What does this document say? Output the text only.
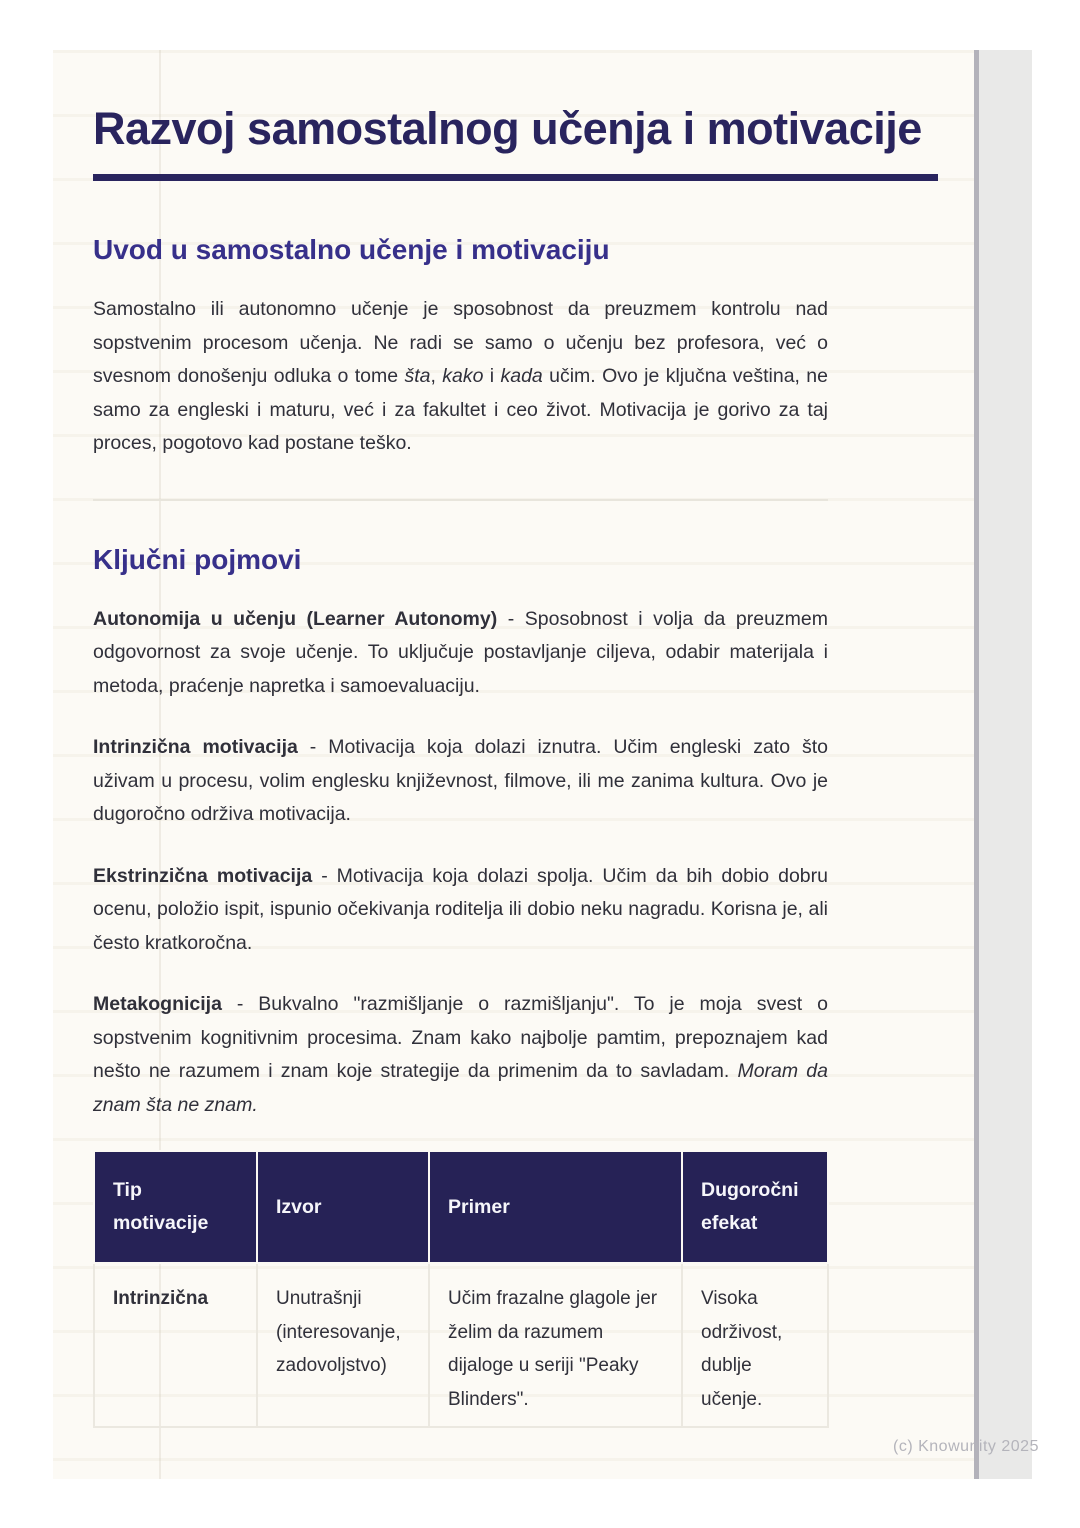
Razvoj samostalnog učenja i motivacije
Uvod u samostalno učenje i motivaciju

Samostalno ili autonomno učenje je sposobnost da preuzmem kontrolu nad sopstvenim procesom učenja. Ne radi se samo o učenju bez profesora, već o svesnom donošenju odluka o tome šta, kako i kada učim. Ovo je ključna veština, ne samo za engleski i maturu, već i za fakultet i ceo život. Motivacija je gorivo za taj proces, pogotovo kad postane teško.

Ključni pojmovi

Autonomija u učenju (Learner Autonomy) - Sposobnost i volja da preuzmem odgovornost za svoje učenje. To uključuje postavljanje ciljeva, odabir materijala i metoda, praćenje napretka i samoevaluaciju.

Intrinzična motivacija - Motivacija koja dolazi iznutra. Učim engleski zato što uživam u procesu, volim englesku književnost, filmove, ili me zanima kultura. Ovo je dugoročno održiva motivacija.

Ekstrinzična motivacija - Motivacija koja dolazi spolja. Učim da bih dobio dobru ocenu, položio ispit, ispunio očekivanja roditelja ili dobio neku nagradu. Korisna je, ali često kratkoročna.

Metakognicija - Bukvalno "razmišljanje o razmišljanju". To je moja svest o sopstvenim kognitivnim procesima. Znam kako najbolje pamtim, prepoznajem kad nešto ne razumem i znam koje strategije da primenim da to savladam. Moram da znam šta ne znam.

Tip motivacije	Izvor	Primer	Dugoročni efekat
Intrinzična	Unutrašnji (interesovanje, zadovoljstvo)	Učim frazalne glagole jer želim da razumem dijaloge u seriji "Peaky Blinders".	Visoka održivost, dublje učenje.
(c) Knowunity 2025
